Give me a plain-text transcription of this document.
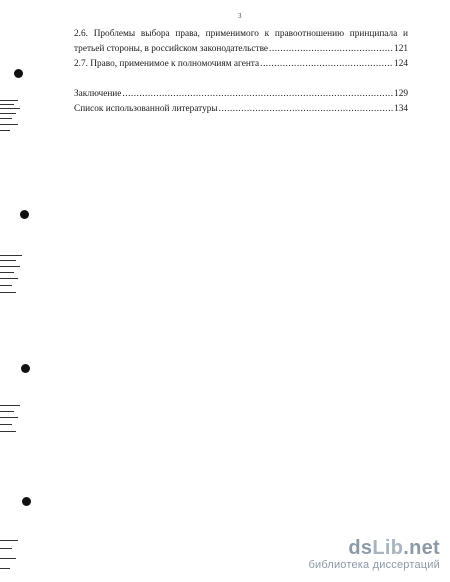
3
2.6. Проблемы выбора права, применимого к правоотношению принципала и
третьей стороны, в российском законодательстве .....	121
2.7. Право, применимое к полномочиям агента .....	124
Заключение .....	129
Список использованной литературы .....	134
dsLib.net
библиотека диссертаций
